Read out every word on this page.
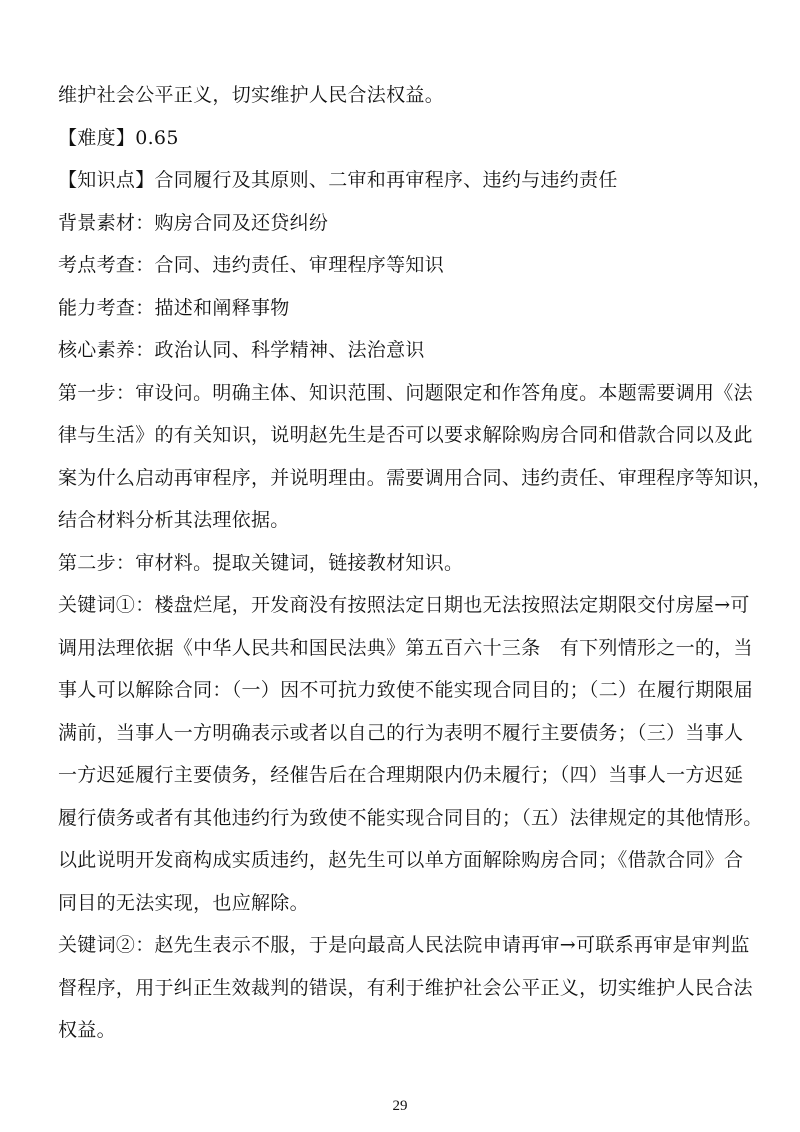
维护社会公平正义，切实维护人民合法权益。
【难度】0.65
【知识点】合同履行及其原则、二审和再审程序、违约与违约责任
背景素材：购房合同及还贷纠纷
考点考查：合同、违约责任、审理程序等知识
能力考查：描述和阐释事物
核心素养：政治认同、科学精神、法治意识
第一步：审设问。明确主体、知识范围、问题限定和作答角度。本题需要调用《法
律与生活》的有关知识，说明赵先生是否可以要求解除购房合同和借款合同以及此
案为什么启动再审程序，并说明理由。需要调用合同、违约责任、审理程序等知识，
结合材料分析其法理依据。
第二步：审材料。提取关键词，链接教材知识。
关键词①：楼盘烂尾，开发商没有按照法定日期也无法按照法定期限交付房屋→可
调用法理依据《中华人民共和国民法典》第五百六十三条　有下列情形之一的，当
事人可以解除合同：（一）因不可抗力致使不能实现合同目的；（二）在履行期限届
满前，当事人一方明确表示或者以自己的行为表明不履行主要债务；（三）当事人
一方迟延履行主要债务，经催告后在合理期限内仍未履行；（四）当事人一方迟延
履行债务或者有其他违约行为致使不能实现合同目的；（五）法律规定的其他情形。
以此说明开发商构成实质违约，赵先生可以单方面解除购房合同；《借款合同》合
同目的无法实现，也应解除。
关键词②：赵先生表示不服，于是向最高人民法院申请再审→可联系再审是审判监
督程序，用于纠正生效裁判的错误，有利于维护社会公平正义，切实维护人民合法
权益。
29
